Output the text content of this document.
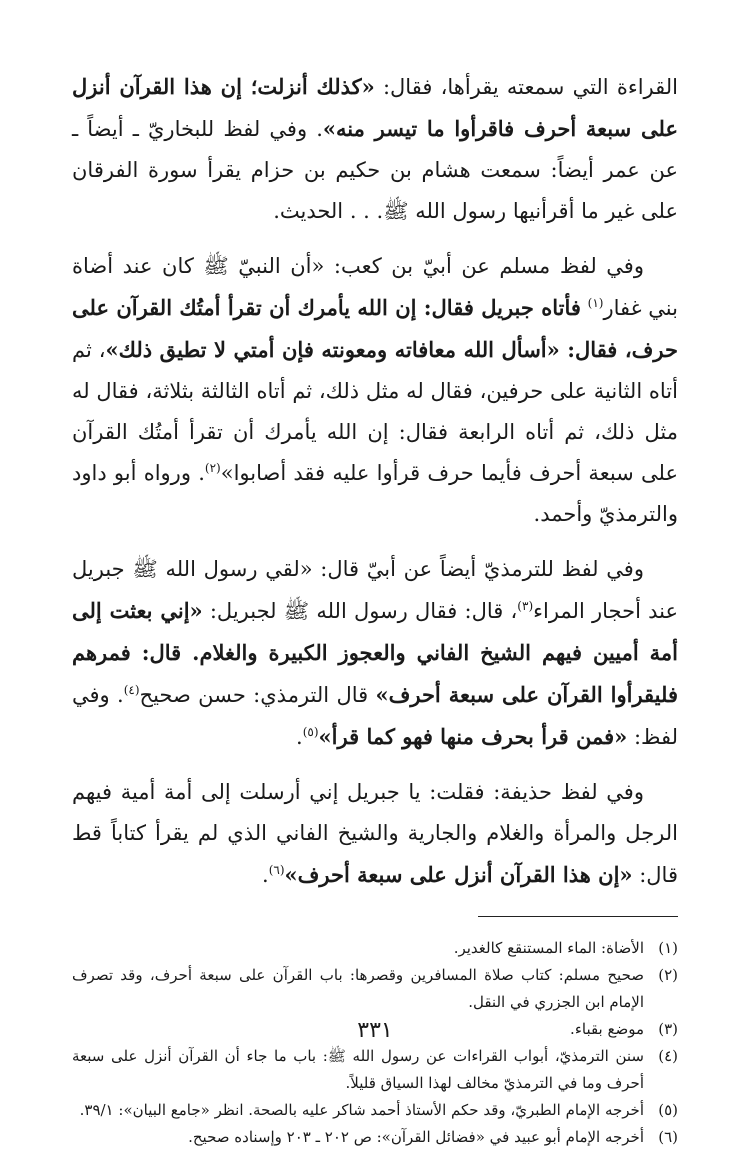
القراءة التي سمعته يقرأها، فقال: «كذلك أنزلت؛ إن هذا القرآن أنزل على سبعة أحرف فاقرأوا ما تيسر منه». وفي لفظ للبخاريّ ـ أيضاً ـ عن عمر أيضاً: سمعت هشام بن حكيم بن حزام يقرأ سورة الفرقان على غير ما أقرأنيها رسول الله ﷺ. . . الحديث.

وفي لفظ مسلم عن أبيّ بن كعب: «أن النبيّ ﷺ كان عند أضاة بني غفار$^{(١)}$ فأتاه جبريل فقال: إن الله يأمرك أن تقرأ أمتُك القرآن على حرف، فقال: «أسأل الله معافاته ومعونته فإن أمتي لا تطيق ذلك»، ثم أتاه الثانية على حرفين، فقال له مثل ذلك، ثم أتاه الثالثة بثلاثة، فقال له مثل ذلك، ثم أتاه الرابعة فقال: إن الله يأمرك أن تقرأ أمتُك القرآن على سبعة أحرف فأيما حرف قرأوا عليه فقد أصابوا»$^{(٢)}$. ورواه أبو داود والترمذيّ وأحمد.

وفي لفظ للترمذيّ أيضاً عن أبيّ قال: «لقي رسول الله ﷺ جبريل عند أحجار المراء$^{(٣)}$، قال: فقال رسول الله ﷺ لجبريل: «إني بعثت إلى أمة أميين فيهم الشيخ الفاني والعجوز الكبيرة والغلام. قال: فمرهم فليقرأوا القرآن على سبعة أحرف» قال الترمذي: حسن صحيح$^{(٤)}$. وفي لفظ: «فمن قرأ بحرف منها فهو كما قرأ»$^{(٥)}$.

وفي لفظ حذيفة: فقلت: يا جبريل إني أرسلت إلى أمة أمية فيهم الرجل والمرأة والغلام والجارية والشيخ الفاني الذي لم يقرأ كتاباً قط قال: «إن هذا القرآن أنزل على سبعة أحرف»$^{(٦)}$.

(١)
الأضاة: الماء المستنقع كالغدير.
(٢)
صحيح مسلم: كتاب صلاة المسافرين وقصرها: باب القرآن على سبعة أحرف، وقد تصرف الإمام ابن الجزري في النقل.
(٣)
موضع بقباء.
(٤)
سنن الترمذيّ، أبواب القراءات عن رسول الله ﷺ: باب ما جاء أن القرآن أنزل على سبعة أحرف وما في الترمذيّ مخالف لهذا السياق قليلاً.
(٥)
أخرجه الإمام الطبريّ، وقد حكم الأستاذ أحمد شاكر عليه بالصحة. انظر «جامع البيان»: ٣٩/١.
(٦)
أخرجه الإمام أبو عبيد في «فضائل القرآن»: ص ٢٠٢ ـ ٢٠٣ وإسناده صحيح.
٣٣١
